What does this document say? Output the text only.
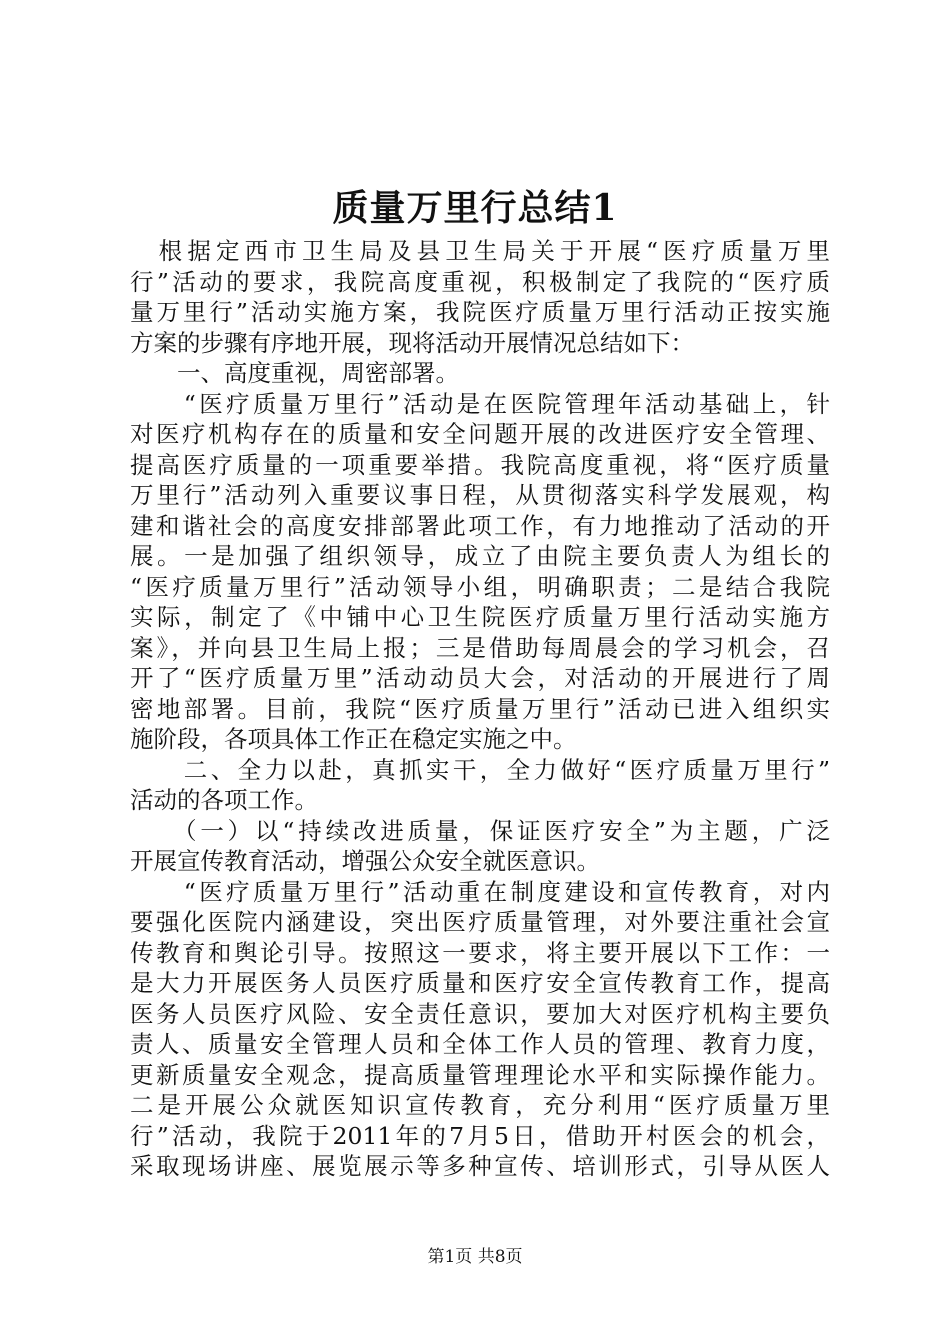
质量万里行总结1
　根据定西市卫生局及县卫生局关于开展“医疗质量万里
行”活动的要求，我院高度重视，积极制定了我院的“医疗质
量万里行”活动实施方案，我院医疗质量万里行活动正按实施
方案的步骤有序地开展，现将活动开展情况总结如下：
　　一、高度重视，周密部署。
　　“医疗质量万里行”活动是在医院管理年活动基础上，针
对医疗机构存在的质量和安全问题开展的改进医疗安全管理、
提高医疗质量的一项重要举措。我院高度重视，将“医疗质量
万里行”活动列入重要议事日程，从贯彻落实科学发展观，构
建和谐社会的高度安排部署此项工作，有力地推动了活动的开
展。一是加强了组织领导，成立了由院主要负责人为组长的
“医疗质量万里行”活动领导小组，明确职责；二是结合我院
实际，制定了《中铺中心卫生院医疗质量万里行活动实施方
案》，并向县卫生局上报；三是借助每周晨会的学习机会，召
开了“医疗质量万里”活动动员大会，对活动的开展进行了周
密地部署。目前，我院“医疗质量万里行”活动已进入组织实
施阶段，各项具体工作正在稳定实施之中。
　　二、全力以赴，真抓实干，全力做好“医疗质量万里行”
活动的各项工作。
　　（一）以“持续改进质量，保证医疗安全”为主题，广泛
开展宣传教育活动，增强公众安全就医意识。
　　“医疗质量万里行”活动重在制度建设和宣传教育，对内
要强化医院内涵建设，突出医疗质量管理，对外要注重社会宣
传教育和舆论引导。按照这一要求，将主要开展以下工作：一
是大力开展医务人员医疗质量和医疗安全宣传教育工作，提高
医务人员医疗风险、安全责任意识，要加大对医疗机构主要负
责人、质量安全管理人员和全体工作人员的管理、教育力度，
更新质量安全观念，提高质量管理理论水平和实际操作能力。
二是开展公众就医知识宣传教育，充分利用“医疗质量万里
行”活动，我院于2011年的7月5日，借助开村医会的机会，
采取现场讲座、展览展示等多种宣传、培训形式，引导从医人
第1页 共8页
